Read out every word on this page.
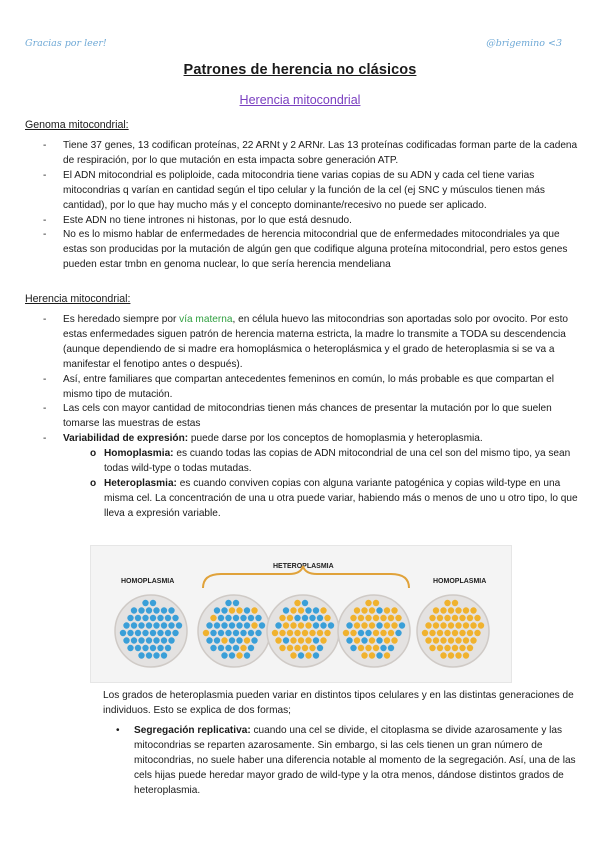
Gracias por leer!	@brigemino <3
Patrones de herencia no clásicos
Herencia mitocondrial
Genoma mitocondrial:
- Tiene 37 genes, 13 codifican proteínas, 22 ARNt y 2 ARNr. Las 13 proteínas codificadas forman parte de la cadena de respiración, por lo que mutación en esta impacta sobre generación ATP.
- El ADN mitocondrial es poliploide, cada mitocondria tiene varias copias de su ADN y cada cel tiene varias mitocondrias q varían en cantidad según el tipo celular y la función de la cel (ej SNC y músculos tienen más cantidad), por lo que hay mucho más y el concepto dominante/recesivo no puede ser aplicado.
- Este ADN no tiene intrones ni histonas, por lo que está desnudo.
- No es lo mismo hablar de enfermedades de herencia mitocondrial que de enfermedades mitocondriales ya que estas son producidas por la mutación de algún gen que codifique alguna proteína mitocondrial, pero estos genes pueden estar tmbn en genoma nuclear, lo que sería herencia mendeliana
Herencia mitocondrial:
- Es heredado siempre por vía materna, en célula huevo las mitocondrias son aportadas solo por ovocito. Por esto estas enfermedades siguen patrón de herencia materna estricta, la madre lo transmite a TODA su descendencia (aunque dependiendo de si madre era homoplásmica o heteroplásmica y el grado de heteroplasmia si se va a manifestar el fenotipo antes o después).
- Así, entre familiares que compartan antecedentes femeninos en común, lo más probable es que compartan el mismo tipo de mutación.
- Las cels con mayor cantidad de mitocondrias tienen más chances de presentar la mutación por lo que suelen tomarse las muestras de estas
- Variabilidad de expresión: puede darse por los conceptos de homoplasmia y heteroplasmia.
o Homoplasmia: es cuando todas las copias de ADN mitocondrial de una cel son del mismo tipo, ya sean todas wild-type o todas mutadas.
o Heteroplasmia: es cuando conviven copias con alguna variante patogénica y copias wild-type en una misma cel. La concentración de una u otra puede variar, habiendo más o menos de uno u otro tipo, lo que lleva a expresión variable.
HOMOPLASMIA
HETEROPLASMIA
HOMOPLASMIA

Los grados de heteroplasmia pueden variar en distintos tipos celulares y en las distintas generaciones de individuos. Esto se explica de dos formas;

• Segregación replicativa: cuando una cel se divide, el citoplasma se divide azarosamente y las mitocondrias se reparten azarosamente. Sin embargo, si las cels tienen un gran número de mitocondrias, no suele haber una diferencia notable al momento de la segregación. Así, una de las cels hijas puede heredar mayor grado de wild-type y la otra menos, dándose distintos grados de heteroplasmia.
